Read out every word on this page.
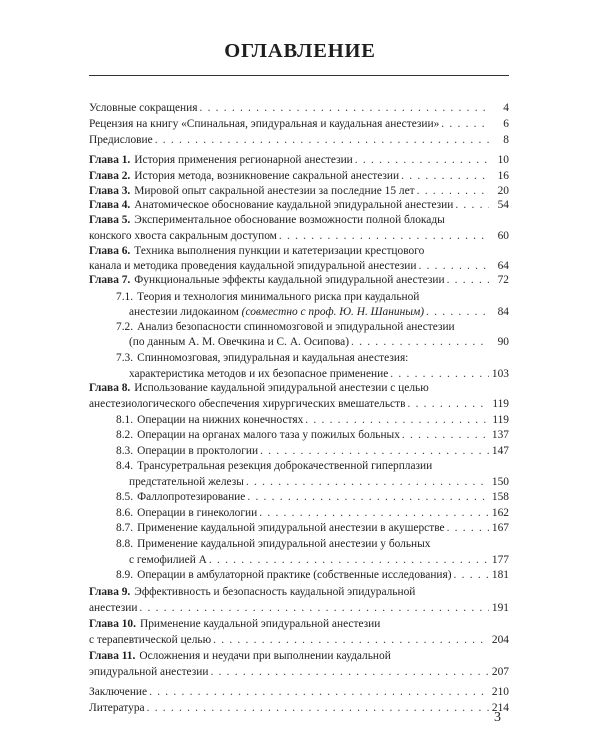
ОГЛАВЛЕНИЕ
Условные сокращения . . .	4
Рецензия на книгу «Спинальная, эпидуральная и каудальная анестезии» . . .	6
Предисловие . . .	8
Глава 1. История применения регионарной анестезии . . .	10
Глава 2. История метода, возникновение сакральной анестезии . . .	16
Глава 3. Мировой опыт сакральной анестезии за последние 15 лет . . .	20
Глава 4. Анатомическое обоснование каудальной эпидуральной анестезии . . .	54
Глава 5. Экспериментальное обоснование возможности полной блокады
конского хвоста сакральным доступом . . .	60
Глава 6. Техника выполнения пункции и катетеризации крестцового
канала и методика проведения каудальной эпидуральной анестезии . . .	64
Глава 7. Функциональные эффекты каудальной эпидуральной анестезии . . .	72
7.1. Теория и технология минимального риска при каудальной
анестезии лидокаином (совместно с проф. Ю. Н. Шаниным) . . .	84
7.2. Анализ безопасности спинномозговой и эпидуральной анестезии
(по данным А. М. Овечкина и С. А. Осипова) . . .	90
7.3. Спинномозговая, эпидуральная и каудальная анестезия:
характеристика методов и их безопасное применение . . .	103
Глава 8. Использование каудальной эпидуральной анестезии с целью
анестезиологического обеспечения хирургических вмешательств . . .	119
8.1. Операции на нижних конечностях . . .	119
8.2. Операции на органах малого таза у пожилых больных . . .	137
8.3. Операции в проктологии . . .	147
8.4. Трансуретральная резекция доброкачественной гиперплазии
предстательной железы . . .	150
8.5. Фаллопротезирование . . .	158
8.6. Операции в гинекологии . . .	162
8.7. Применение каудальной эпидуральной анестезии в акушерстве . . .	167
8.8. Применение каудальной эпидуральной анестезии у больных
с гемофилией А . . .	177
8.9. Операции в амбулаторной практике (собственные исследования) . . .	181
Глава 9. Эффективность и безопасность каудальной эпидуральной
анестезии . . .	191
Глава 10. Применение каудальной эпидуральной анестезии
с терапевтической целью . . .	204
Глава 11. Осложнения и неудачи при выполнении каудальной
эпидуральной анестезии . . .	207
Заключение . . .	210
Литература . . .	214
3
